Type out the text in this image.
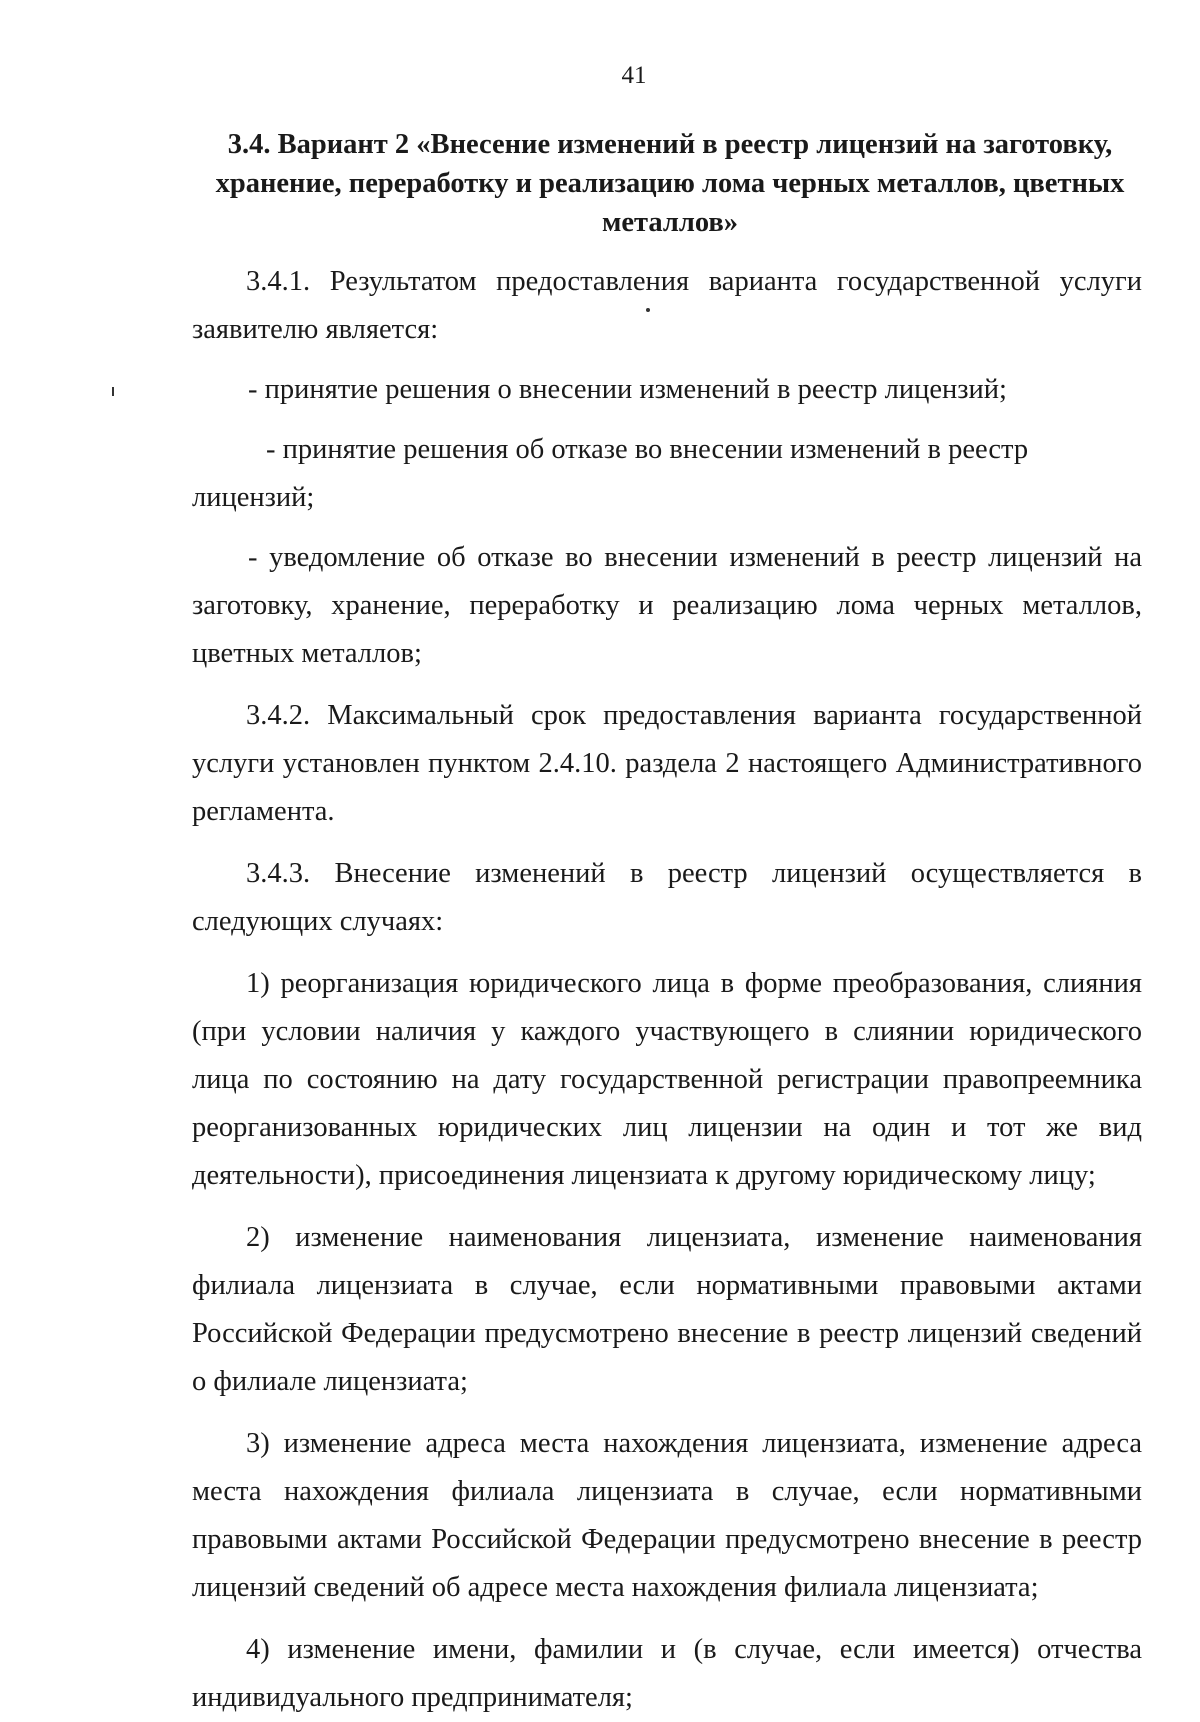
41
3.4. Вариант 2 «Внесение изменений в реестр лицензий на заготовку, хранение, переработку и реализацию лома черных металлов, цветных металлов»

3.4.1. Результатом предоставления варианта государственной услуги заявителю является:

- принятие решения о внесении изменений в реестр лицензий;

- принятие решения об отказе во внесении изменений в реестр лицензий;

- уведомление об отказе во внесении изменений в реестр лицензий на заготовку, хранение, переработку и реализацию лома черных металлов, цветных металлов;

3.4.2. Максимальный срок предоставления варианта государственной услуги установлен пунктом 2.4.10. раздела 2 настоящего Административного регламента.

3.4.3. Внесение изменений в реестр лицензий осуществляется в следующих случаях:

1) реорганизация юридического лица в форме преобразования, слияния (при условии наличия у каждого участвующего в слиянии юридического лица по состоянию на дату государственной регистрации правопреемника реорганизованных юридических лиц лицензии на один и тот же вид деятельности), присоединения лицензиата к другому юридическому лицу;

2) изменение наименования лицензиата, изменение наименования филиала лицензиата в случае, если нормативными правовыми актами Российской Федерации предусмотрено внесение в реестр лицензий сведений о филиале лицензиата;

3) изменение адреса места нахождения лицензиата, изменение адреса места нахождения филиала лицензиата в случае, если нормативными правовыми актами Российской Федерации предусмотрено внесение в реестр лицензий сведений об адресе места нахождения филиала лицензиата;

4) изменение имени, фамилии и (в случае, если имеется) отчества индивидуального предпринимателя;
